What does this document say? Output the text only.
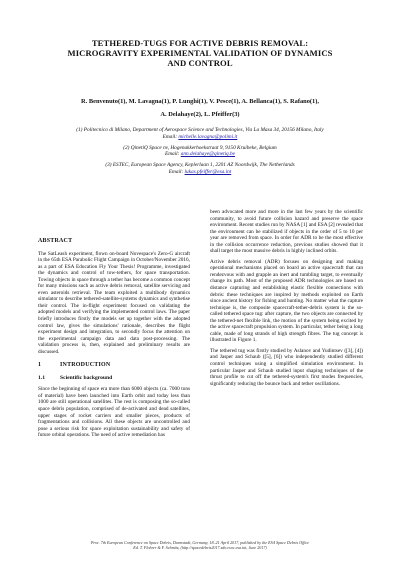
TETHERED-TUGS FOR ACTIVE DEBRIS REMOVAL:
MICROGRAVITY EXPERIMENTAL VALIDATION OF DYNAMICS
AND CONTROL
R. Benvenuto(1), M. Lavagna(1), P. Lunghi(1), V. Pesce(1), A. Bellanca(1), S. Rafano(1),
A. Delahaye(2), L. Pfeiffer(3)
(1) Politecnico di Milano, Department of Aerospace Science and Technologies, Via La Masa 34, 20156 Milano, Italy
Email: michelle.lavagna@polimi.it
(2) QinetiQ Space nv, Hogenakkerhoekstraat 9, 9150 Kruibeke, Belgium
Email: ann.delahaye@qinetiq.be
(3) ESTEC, European Space Agency, Keplerlaan 1, 2201 AZ Noordwijk, The Netherlands
Email: lukas.pfeiffer@esa.int
ABSTRACT
The SatLeash experiment, flown on-board Novespace's Zero-G aircraft in the 65th ESA Parabolic Flight Campaign in October/November 2016, as a part of ESA Education Fly Your Thesis! Programme, investigated the dynamics and control of tow-tethers, for space transportation. Towing objects in space through a tether has become a common concept for many missions such as active debris removal, satellite servicing and even asteroids retrieval. The team exploited a multibody dynamics simulator to describe tethered-satellite-systems dynamics and synthetise their control. The in-flight experiment focused on validating the adopted models and verifying the implemented control laws. The paper briefly introduces firstly the models set up together with the adopted control law, gives the simulations' rationale, describes the flight experiment design and integration, to secondly focus the attention on the experimental campaign data and data post-processing. The validation process is, then, explained and preliminary results are discussed.
1	INTRODUCTION
1.1	Scientific background
Since the beginning of space era more than 6000 objects (ca. 7000 tons of material) have been launched into Earth orbit and today less than 1000 are still operational satellites. The rest is composing the so-called space debris population, comprised of de-activated and dead satellites, upper stages of rocket carriers and smaller pieces, products of fragmentations and collisions. All these objects are uncontrolled and pose a serious risk for space exploitation sustainability and safety of future orbital operations. The need of active remediation has
been advocated more and more in the last few years by the scientific community, to avoid future collision hazard and preserve the space environment. Recent studies run by NASA [1] and ESA [2] revealed that the environment can be stabilized if objects in the order of 5 to 10 per year are removed from space. In order for ADR to be the most effective in the collision occurrence reduction, previous studies showed that it shall target the most massive debris in highly inclined orbits.
Active debris removal (ADR) focuses on designing and making operational mechanisms placed on board an active spacecraft that can rendezvous with and grapple an inert and tumbling target, to eventually change its path. Most of the proposed ADR technologies are based on distance capturing and establishing elastic flexible connections with debris: these techniques are inspired by methods exploited on Earth since ancient history for fishing and hunting. No matter what the capture technique is, the composite spacecraft-tether-debris system is the so-called tethered space tug: after capture, the two objects are connected by the tethered-net flexible link, the motion of the system being excited by the active spacecraft propulsion system. In particular, tether being a long cable, made of long strands of high strength fibres. The tug concept is illustrated in Figure 1.
The tethered tug was firstly studied by Aslanov and Yudintsev ([3], [4]) and Jasper and Schaub ([5], [6]) who independently studied different control techniques using a simplified simulation environment. In particular Jasper and Schaub studied input shaping techniques of the thrust profile to cut off the tethered-system's first modes frequencies, significantly reducing the bounce back and tether oscillations.
Proc. 7th European Conference on Space Debris, Darmstadt, Germany, 18–21 April 2017, published by the ESA Space Debris Office
Ed. T. Flohrer & F. Schmitz, (http://spacedebris2017.sdo.esoc.esa.int, June 2017)
